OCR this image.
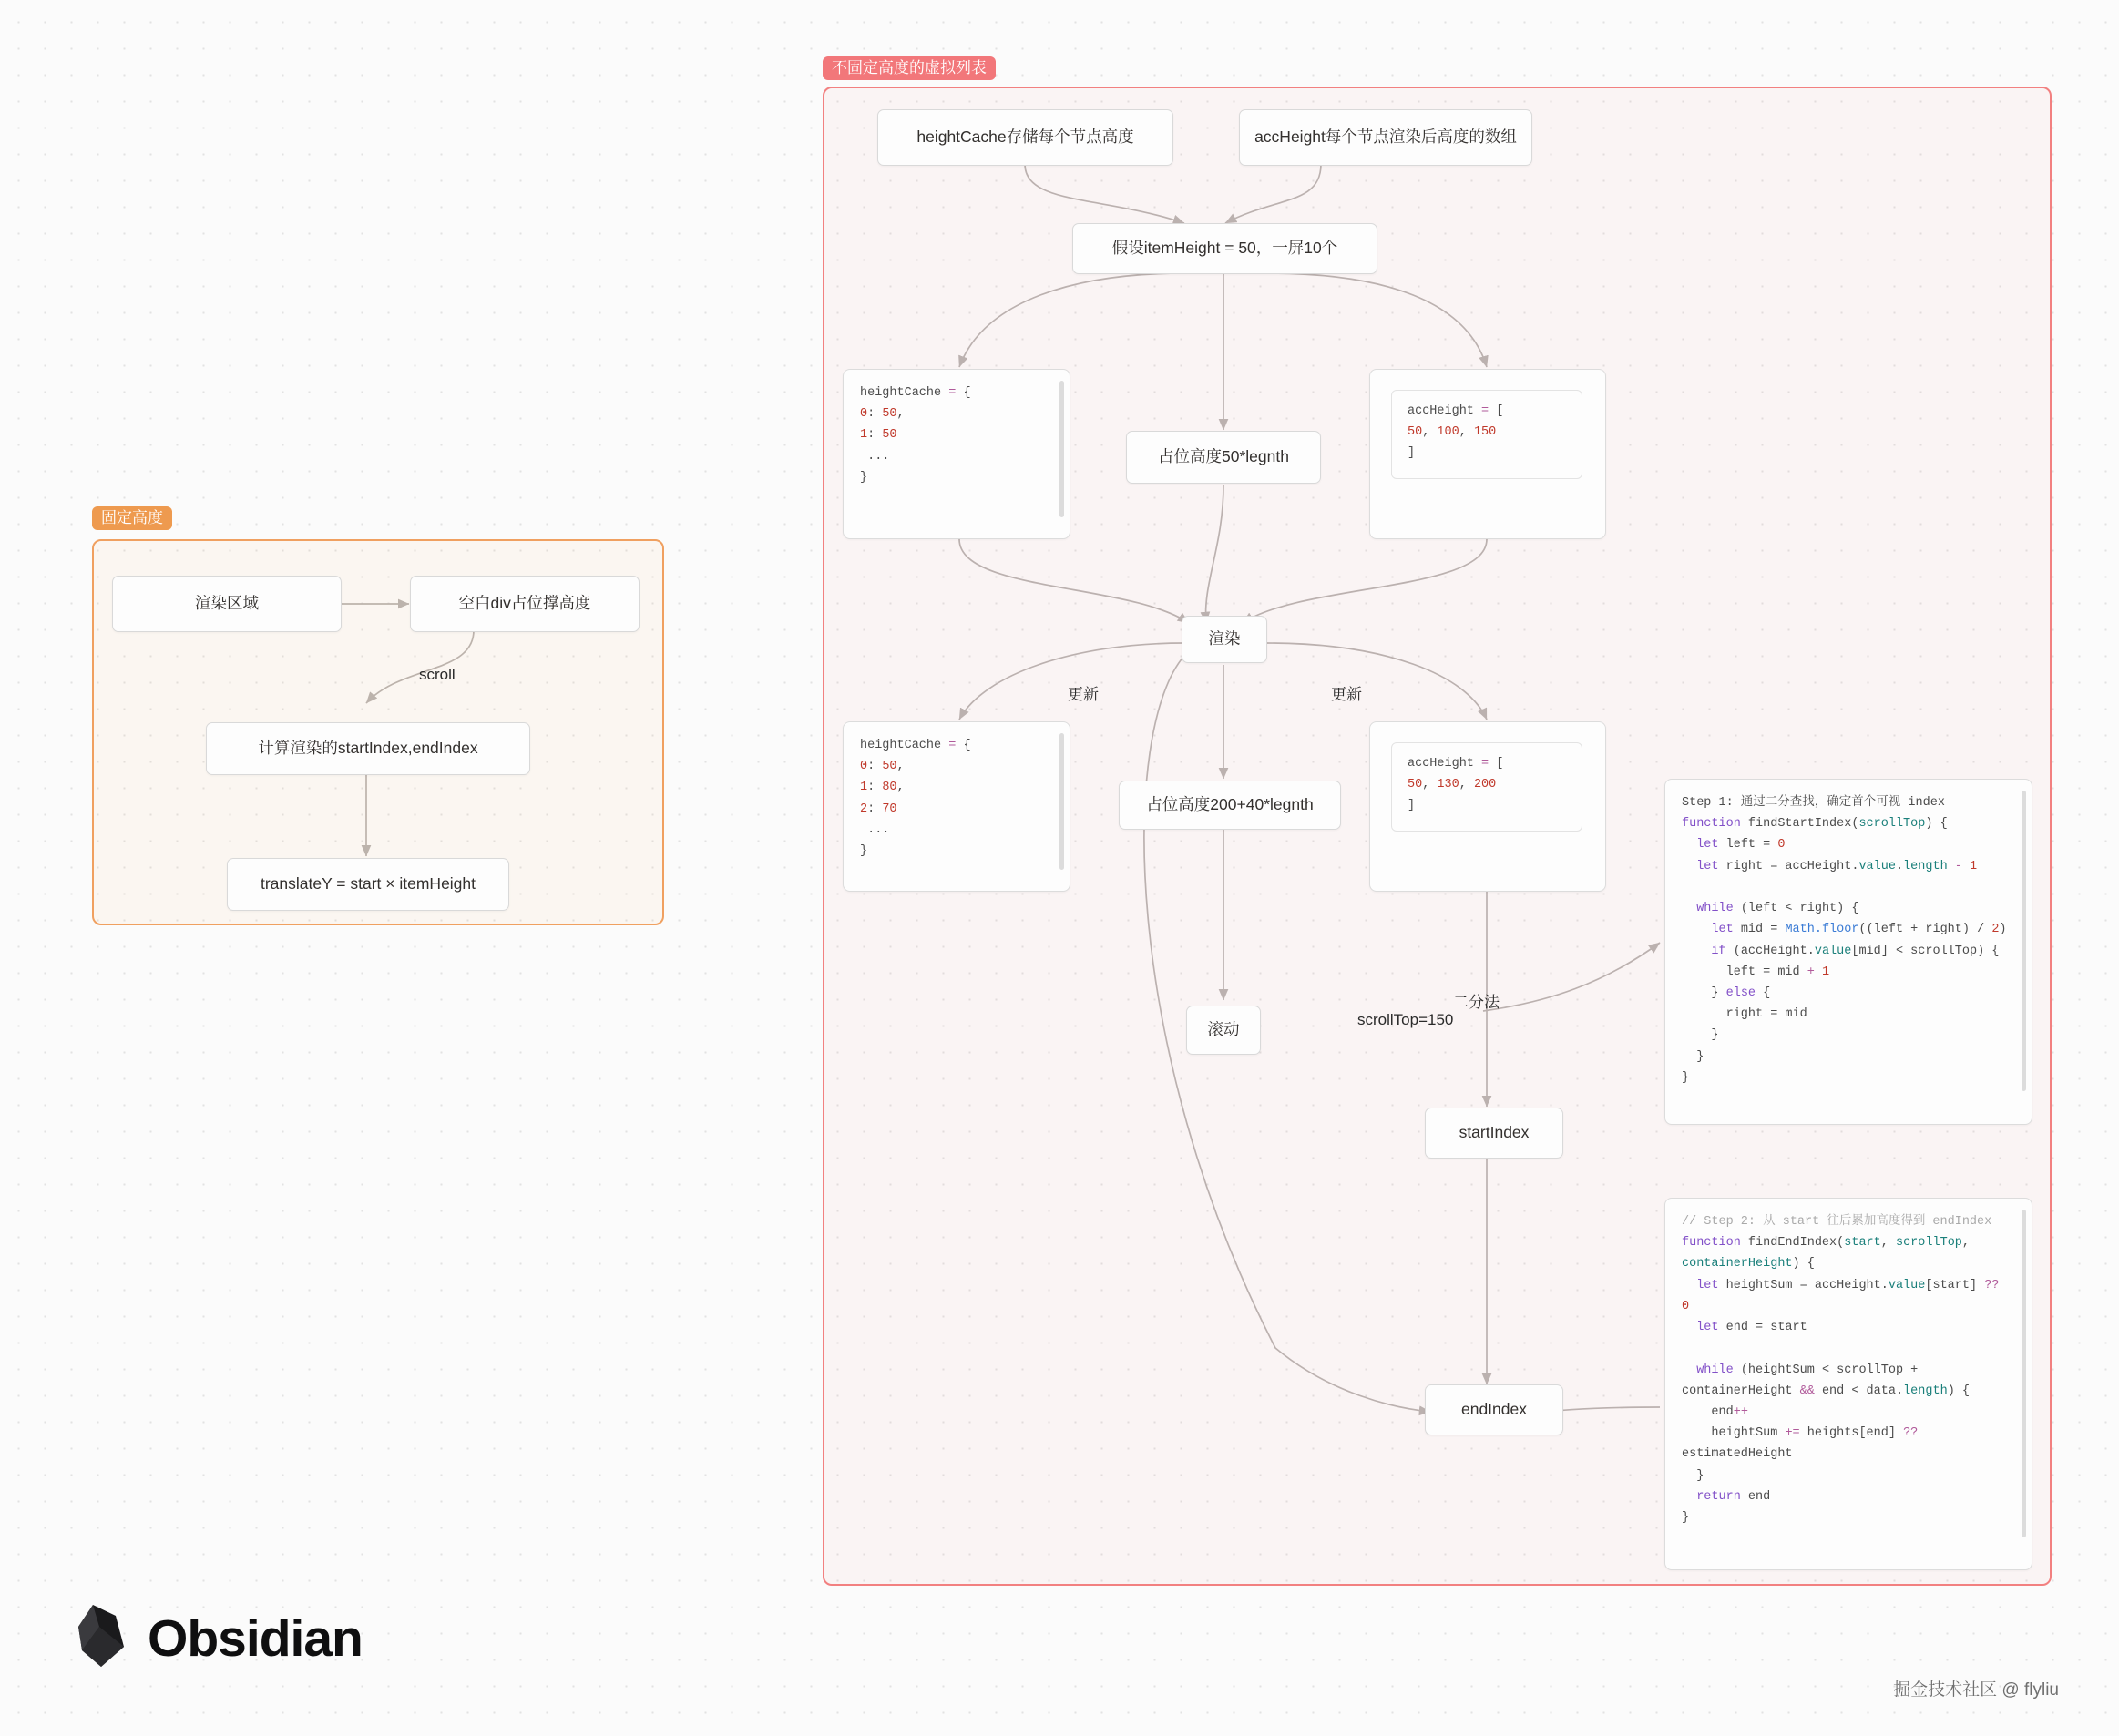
固定高度
不固定高度的虚拟列表
渲染区域	空白div占位撑高度
scroll
计算渲染的startIndex,endIndex
translateY = start × itemHeight
heightCache存储每个节点高度	accHeight每个节点渲染后高度的数组
假设itemHeight = 50，一屏10个
占位高度50*legnth
渲染
占位高度200+40*legnth
滚动
startIndex
endIndex
更新	更新
二分法
scrollTop=150
heightCache = {
0: 50,
1: 50
...
}
accHeight = [
50, 100, 150
]
heightCache = {
0: 50,
1: 80,
2: 70
...
}
accHeight = [
50, 130, 200
]	Step 1: 通过二分查找，确定首个可视 index
function findStartIndex(scrollTop) {
let left = 0
let right = accHeight.value.length - 1

while (left < right) {
let mid = Math.floor((left + right) / 2)
if (accHeight.value[mid] < scrollTop) {
left = mid + 1
} else {
right = mid
}
}
}
// Step 2: 从 start 往后累加高度得到 endIndex
function findEndIndex(start, scrollTop,
containerHeight) {
let heightSum = accHeight.value[start] ?? 0
let end = start

while (heightSum < scrollTop +
containerHeight && end < data.length) {
end++
heightSum += heights[end] ??
estimatedHeight
}
return end
}
Obsidian
掘金技术社区 @ flyliu
